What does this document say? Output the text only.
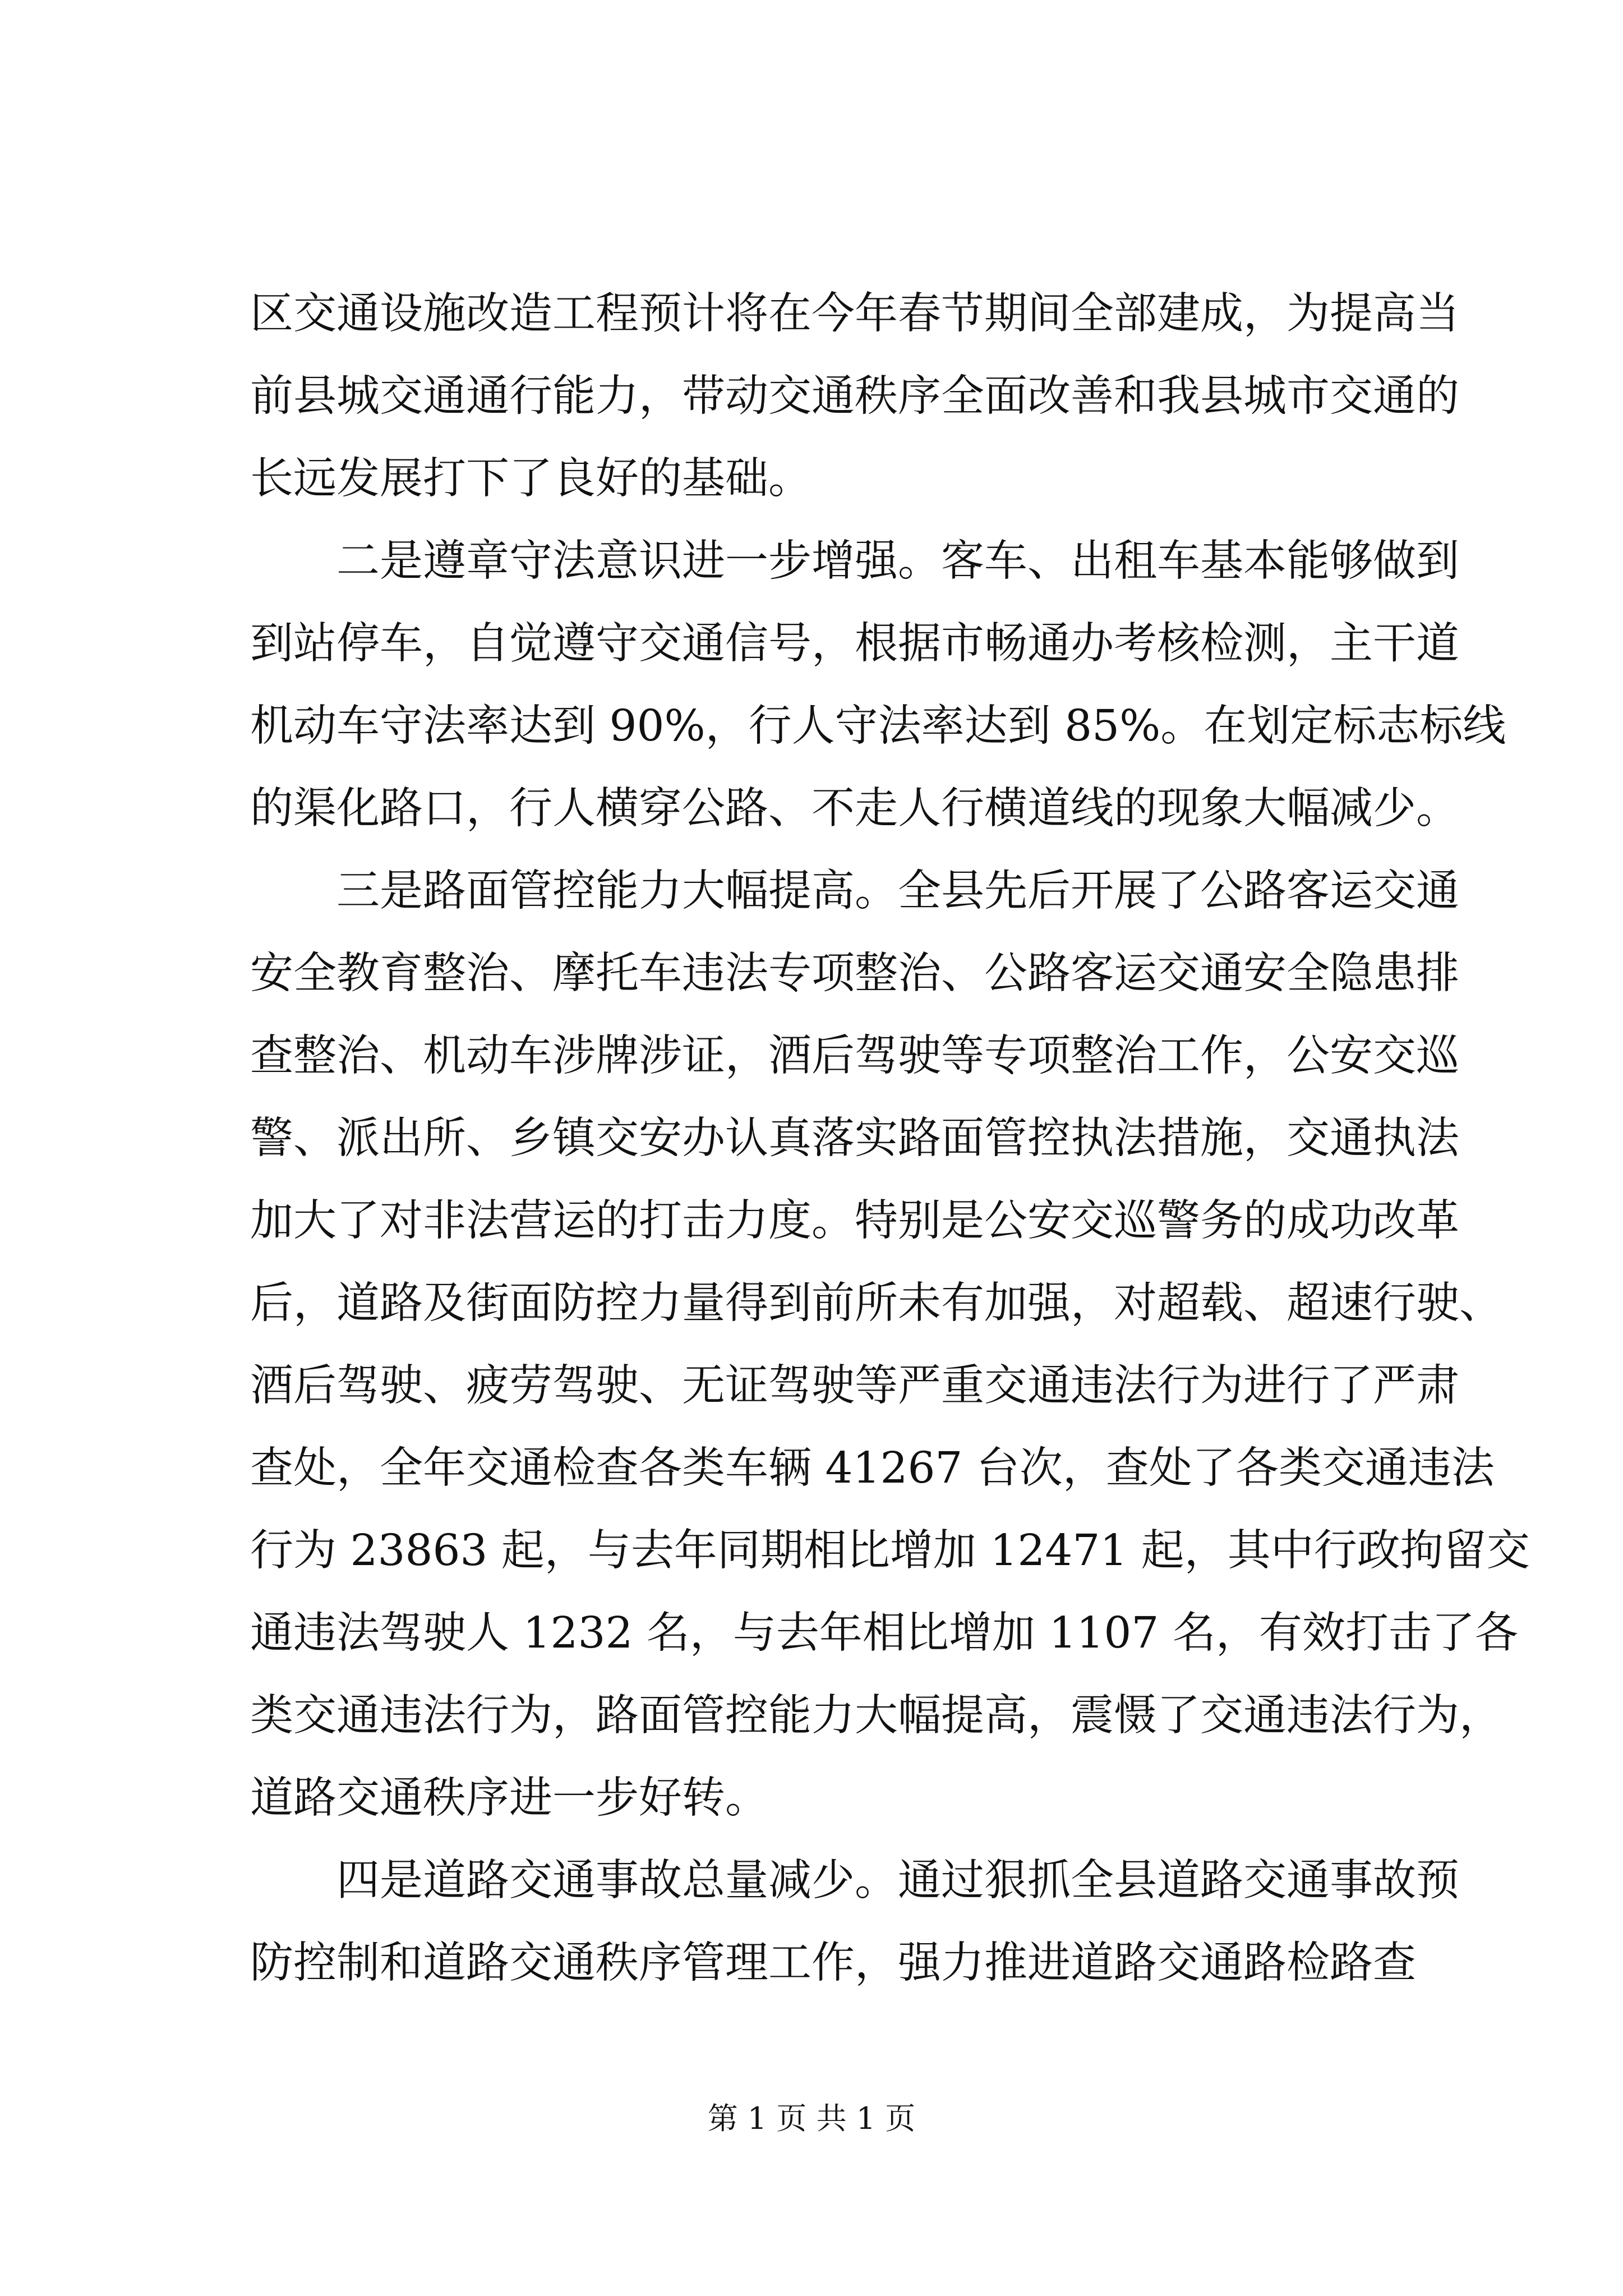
区交通设施改造工程预计将在今年春节期间全部建成，为提高当
前县城交通通行能力，带动交通秩序全面改善和我县城市交通的
长远发展打下了良好的基础。
二是遵章守法意识进一步增强。客车、出租车基本能够做到
到站停车，自觉遵守交通信号，根据市畅通办考核检测，主干道
机动车守法率达到 90%，行人守法率达到 85%。在划定标志标线
的渠化路口，行人横穿公路、不走人行横道线的现象大幅减少。
三是路面管控能力大幅提高。全县先后开展了公路客运交通
安全教育整治、摩托车违法专项整治、公路客运交通安全隐患排
查整治、机动车涉牌涉证，酒后驾驶等专项整治工作，公安交巡
警、派出所、乡镇交安办认真落实路面管控执法措施，交通执法
加大了对非法营运的打击力度。特别是公安交巡警务的成功改革
后，道路及街面防控力量得到前所未有加强，对超载、超速行驶、
酒后驾驶、疲劳驾驶、无证驾驶等严重交通违法行为进行了严肃
查处，全年交通检查各类车辆 41267 台次，查处了各类交通违法
行为 23863 起，与去年同期相比增加 12471 起，其中行政拘留交
通违法驾驶人 1232 名，与去年相比增加 1107 名，有效打击了各
类交通违法行为，路面管控能力大幅提高，震慑了交通违法行为，
道路交通秩序进一步好转。
四是道路交通事故总量减少。通过狠抓全县道路交通事故预
防控制和道路交通秩序管理工作，强力推进道路交通路检路查
第 1 页 共 1 页
